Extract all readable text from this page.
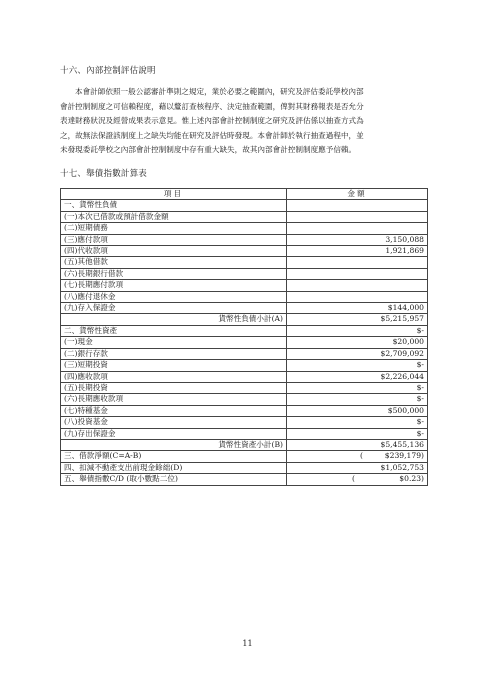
十六、內部控制評估說明
本會計師依照一般公認審計準則之規定，業於必要之範圍內，研究及評估委託學校內部
會計控制制度之可信賴程度，藉以釐訂查核程序、決定抽查範圍，俾對其財務報表是否允分
表達財務狀況及經營成果表示意見。惟上述內部會計控制制度之研究及評估係以抽查方式為
之，故無法保證該制度上之缺失均能在研究及評估時發現。本會計師於執行抽查過程中，並
未發現委託學校之內部會計控制制度中存有重大缺失，故其內部會計控制制度應予信賴。
十七、舉債指數計算表
項目	金額
一、貨幣性負債	
(一)本次已借款或預計借款金額	
(二)短期債務	
(三)應付款項	3,150,088
(四)代收款項	1,921,869
(五)其他借款	
(六)長期銀行借款	
(七)長期應付款項	
(八)應付退休金	
(九)存入保證金	$144,000
貨幣性負債小計(A)	$5,215,957
二、貨幣性資產	$-
(一)現金	$20,000
(二)銀行存款	$2,709,092
(三)短期投資	$-
(四)應收款項	$2,226,044
(五)長期投資	$-
(六)長期應收款項	$-
(七)特種基金	$500,000
(八)投資基金	$-
(九)存出保證金	$-
貨幣性資產小計(B)	$5,455,136
三、借款淨額(C=A-B)	( $239,179)
四、扣減不動產支出前現金餘絀(D)	$1,052,753
五、舉債指數C/D (取小數點二位)	( $0.23)
11
